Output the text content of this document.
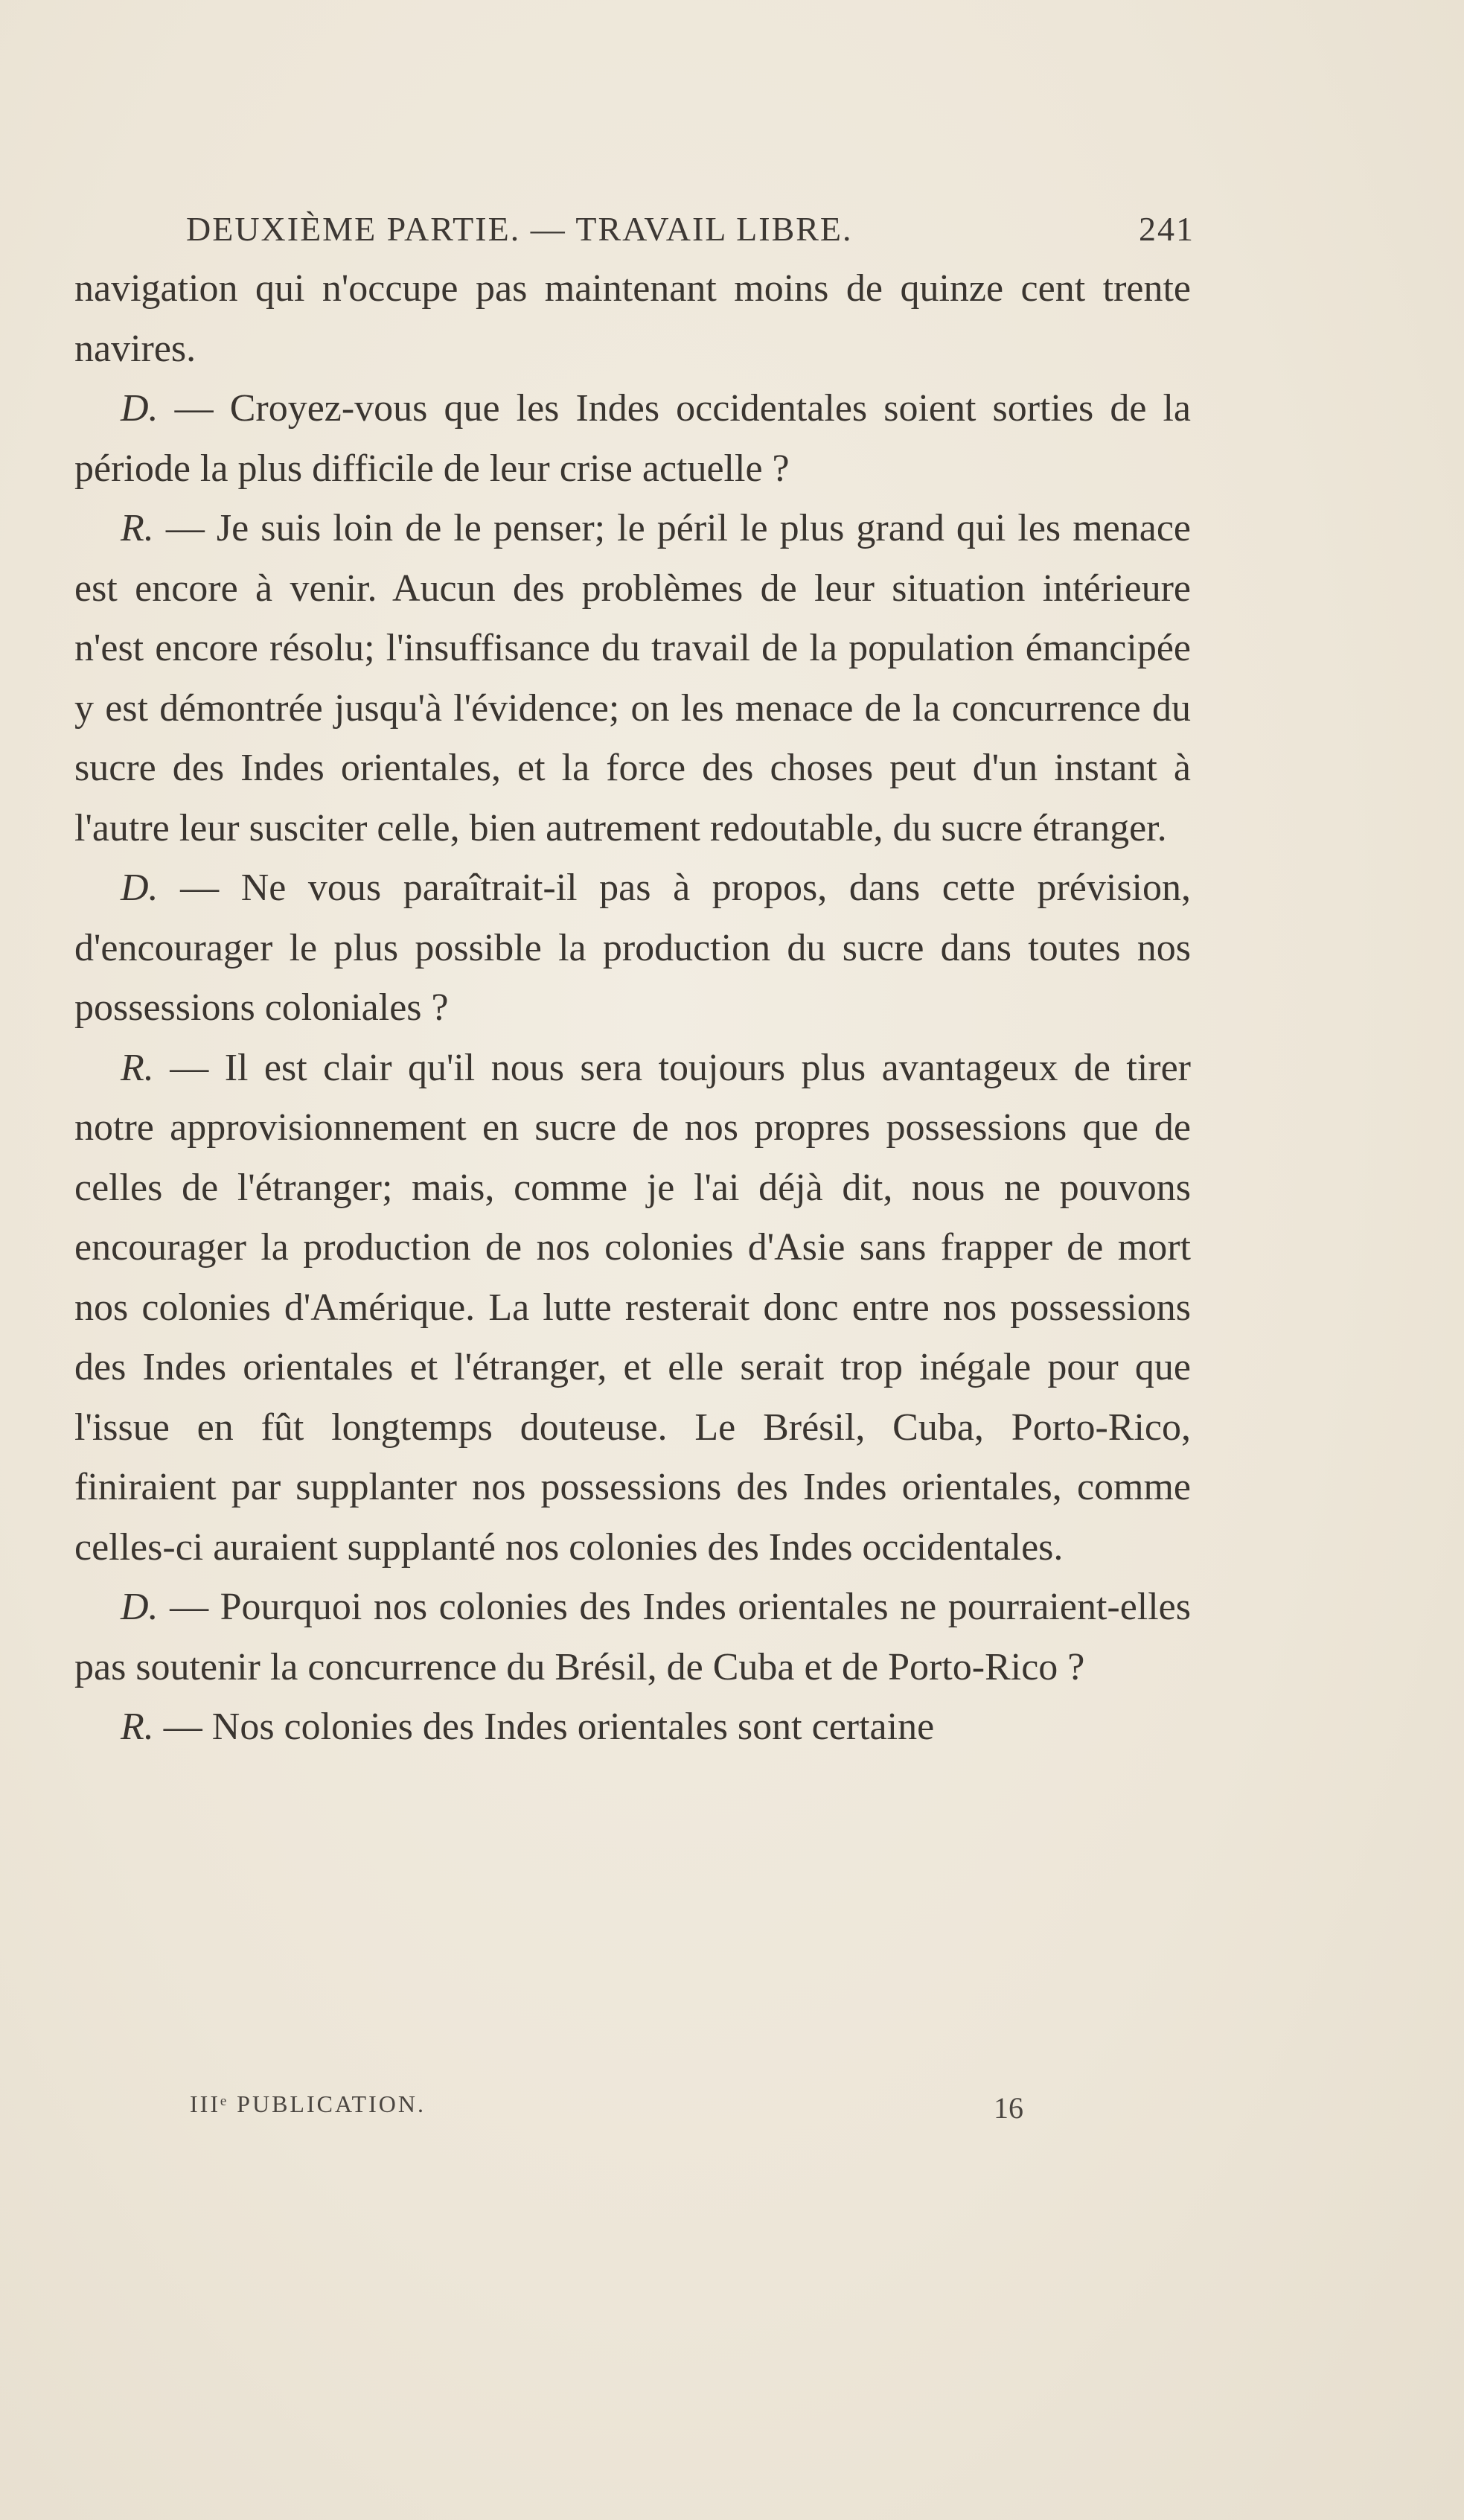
DEUXIÈME PARTIE. — TRAVAIL LIBRE.	241

navigation qui n'occupe pas maintenant moins de quinze cent trente navires.

D. — Croyez-vous que les Indes occidentales soient sorties de la période la plus difficile de leur crise actuelle ?

R. — Je suis loin de le penser; le péril le plus grand qui les menace est encore à venir. Aucun des problèmes de leur situation intérieure n'est encore résolu; l'insuffisance du travail de la population émancipée y est démontrée jusqu'à l'évidence; on les menace de la concurrence du sucre des Indes orientales, et la force des choses peut d'un instant à l'autre leur susciter celle, bien autrement redoutable, du sucre étranger.

D. — Ne vous paraîtrait-il pas à propos, dans cette prévision, d'encourager le plus possible la production du sucre dans toutes nos possessions coloniales ?

R. — Il est clair qu'il nous sera toujours plus avantageux de tirer notre approvisionnement en sucre de nos propres possessions que de celles de l'étranger; mais, comme je l'ai déjà dit, nous ne pouvons encourager la production de nos colonies d'Asie sans frapper de mort nos colonies d'Amérique. La lutte resterait donc entre nos possessions des Indes orientales et l'étranger, et elle serait trop inégale pour que l'issue en fût longtemps douteuse. Le Brésil, Cuba, Porto-Rico, finiraient par supplanter nos possessions des Indes orientales, comme celles-ci auraient supplanté nos colonies des Indes occidentales.

D. — Pourquoi nos colonies des Indes orientales ne pourraient-elles pas soutenir la concurrence du Brésil, de Cuba et de Porto-Rico ?

R. — Nos colonies des Indes orientales sont certaine

IIIᵉ PUBLICATION.	16
